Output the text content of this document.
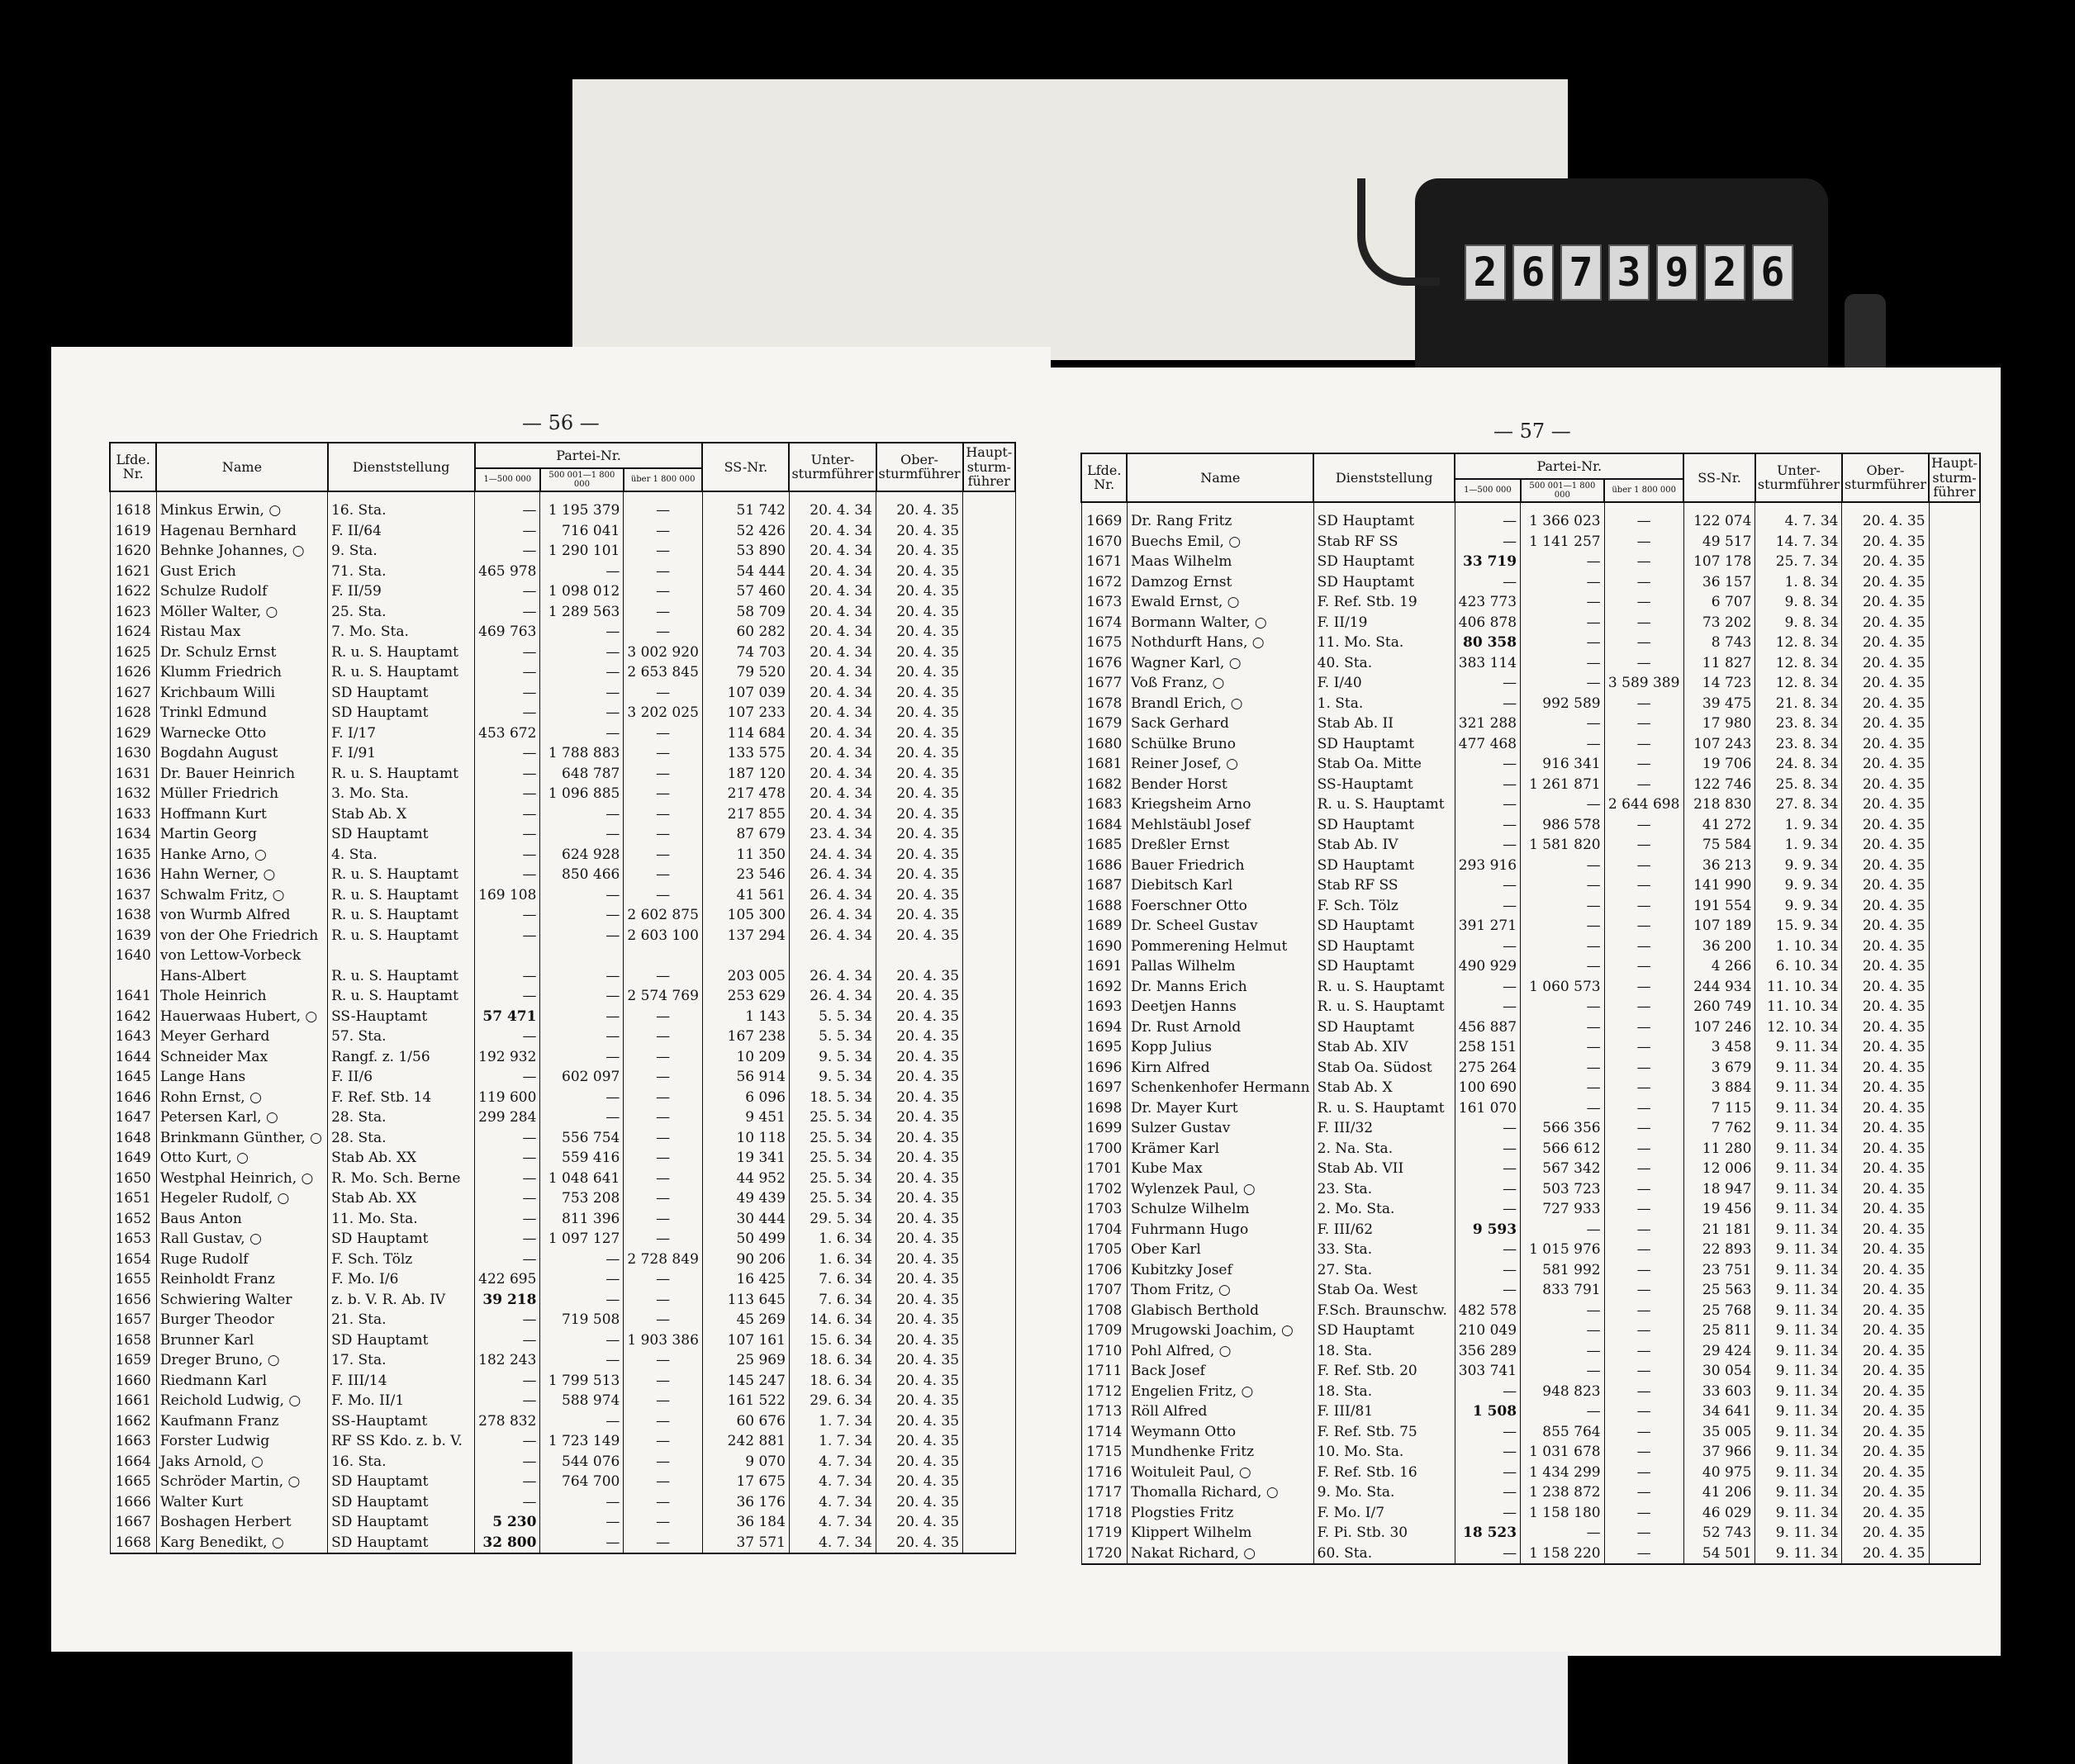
2 6 7 3 9 2 6
— 56 —	— 57 —
Lfde. Nr.	Name	Dienststellung	Partei-Nr.			SS-Nr.	Unter-sturmführer	Ober-sturmführer	Haupt-sturm-führer
			1—500 000	500 001—1 800 000	über 1 800 000				
1618	Minkus Erwin, ○	16. Sta.	—	1 195 379	—	51 742	20. 4. 34	20. 4. 35	
1619	Hagenau Bernhard	F. II/64	—	716 041	—	52 426	20. 4. 34	20. 4. 35	
1620	Behnke Johannes, ○	9. Sta.	—	1 290 101	—	53 890	20. 4. 34	20. 4. 35	
1621	Gust Erich	71. Sta.	465 978	—	—	54 444	20. 4. 34	20. 4. 35	
1622	Schulze Rudolf	F. II/59	—	1 098 012	—	57 460	20. 4. 34	20. 4. 35	
1623	Möller Walter, ○	25. Sta.	—	1 289 563	—	58 709	20. 4. 34	20. 4. 35	
1624	Ristau Max	7. Mo. Sta.	469 763	—	—	60 282	20. 4. 34	20. 4. 35	
1625	Dr. Schulz Ernst	R. u. S. Hauptamt	—	—	3 002 920	74 703	20. 4. 34	20. 4. 35	
1626	Klumm Friedrich	R. u. S. Hauptamt	—	—	2 653 845	79 520	20. 4. 34	20. 4. 35	
1627	Krichbaum Willi	SD Hauptamt	—	—	—	107 039	20. 4. 34	20. 4. 35	
1628	Trinkl Edmund	SD Hauptamt	—	—	3 202 025	107 233	20. 4. 34	20. 4. 35	
1629	Warnecke Otto	F. I/17	453 672	—	—	114 684	20. 4. 34	20. 4. 35	
1630	Bogdahn August	F. I/91	—	1 788 883	—	133 575	20. 4. 34	20. 4. 35	
1631	Dr. Bauer Heinrich	R. u. S. Hauptamt	—	648 787	—	187 120	20. 4. 34	20. 4. 35	
1632	Müller Friedrich	3. Mo. Sta.	—	1 096 885	—	217 478	20. 4. 34	20. 4. 35	
1633	Hoffmann Kurt	Stab Ab. X	—	—	—	217 855	20. 4. 34	20. 4. 35	
1634	Martin Georg	SD Hauptamt	—	—	—	87 679	23. 4. 34	20. 4. 35	
1635	Hanke Arno, ○	4. Sta.	—	624 928	—	11 350	24. 4. 34	20. 4. 35	
1636	Hahn Werner, ○	R. u. S. Hauptamt	—	850 466	—	23 546	26. 4. 34	20. 4. 35	
1637	Schwalm Fritz, ○	R. u. S. Hauptamt	169 108	—	—	41 561	26. 4. 34	20. 4. 35	
1638	von Wurmb Alfred	R. u. S. Hauptamt	—	—	2 602 875	105 300	26. 4. 34	20. 4. 35	
1639	von der Ohe Friedrich	R. u. S. Hauptamt	—	—	2 603 100	137 294	26. 4. 34	20. 4. 35	
1640	von Lettow-Vorbeck								
	Hans-Albert	R. u. S. Hauptamt	—	—	—	203 005	26. 4. 34	20. 4. 35	
1641	Thole Heinrich	R. u. S. Hauptamt	—	—	2 574 769	253 629	26. 4. 34	20. 4. 35	
1642	Hauerwaas Hubert, ○	SS-Hauptamt	57 471	—	—	1 143	5. 5. 34	20. 4. 35	
1643	Meyer Gerhard	57. Sta.	—	—	—	167 238	5. 5. 34	20. 4. 35	
1644	Schneider Max	Rangf. z. 1/56	192 932	—	—	10 209	9. 5. 34	20. 4. 35	
1645	Lange Hans	F. II/6	—	602 097	—	56 914	9. 5. 34	20. 4. 35	
1646	Rohn Ernst, ○	F. Ref. Stb. 14	119 600	—	—	6 096	18. 5. 34	20. 4. 35	
1647	Petersen Karl, ○	28. Sta.	299 284	—	—	9 451	25. 5. 34	20. 4. 35	
1648	Brinkmann Günther, ○	28. Sta.	—	556 754	—	10 118	25. 5. 34	20. 4. 35	
1649	Otto Kurt, ○	Stab Ab. XX	—	559 416	—	19 341	25. 5. 34	20. 4. 35	
1650	Westphal Heinrich, ○	R. Mo. Sch. Berne	—	1 048 641	—	44 952	25. 5. 34	20. 4. 35	
1651	Hegeler Rudolf, ○	Stab Ab. XX	—	753 208	—	49 439	25. 5. 34	20. 4. 35	
1652	Baus Anton	11. Mo. Sta.	—	811 396	—	30 444	29. 5. 34	20. 4. 35	
1653	Rall Gustav, ○	SD Hauptamt	—	1 097 127	—	50 499	1. 6. 34	20. 4. 35	
1654	Ruge Rudolf	F. Sch. Tölz	—	—	2 728 849	90 206	1. 6. 34	20. 4. 35	
1655	Reinholdt Franz	F. Mo. I/6	422 695	—	—	16 425	7. 6. 34	20. 4. 35	
1656	Schwiering Walter	z. b. V. R. Ab. IV	39 218	—	—	113 645	7. 6. 34	20. 4. 35	
1657	Burger Theodor	21. Sta.	—	719 508	—	45 269	14. 6. 34	20. 4. 35	
1658	Brunner Karl	SD Hauptamt	—	—	1 903 386	107 161	15. 6. 34	20. 4. 35	
1659	Dreger Bruno, ○	17. Sta.	182 243	—	—	25 969	18. 6. 34	20. 4. 35	
1660	Riedmann Karl	F. III/14	—	1 799 513	—	145 247	18. 6. 34	20. 4. 35	
1661	Reichold Ludwig, ○	F. Mo. II/1	—	588 974	—	161 522	29. 6. 34	20. 4. 35	
1662	Kaufmann Franz	SS-Hauptamt	278 832	—	—	60 676	1. 7. 34	20. 4. 35	
1663	Forster Ludwig	RF SS Kdo. z. b. V.	—	1 723 149	—	242 881	1. 7. 34	20. 4. 35	
1664	Jaks Arnold, ○	16. Sta.	—	544 076	—	9 070	4. 7. 34	20. 4. 35	
1665	Schröder Martin, ○	SD Hauptamt	—	764 700	—	17 675	4. 7. 34	20. 4. 35	
1666	Walter Kurt	SD Hauptamt	—	—	—	36 176	4. 7. 34	20. 4. 35	
1667	Boshagen Herbert	SD Hauptamt	5 230	—	—	36 184	4. 7. 34	20. 4. 35	
1668	Karg Benedikt, ○	SD Hauptamt	32 800	—	—	37 571	4. 7. 34	20. 4. 35	
Lfde. Nr.	Name	Dienststellung	Partei-Nr.			SS-Nr.	Unter-sturmführer	Ober-sturmführer	Haupt-sturm-führer
			1—500 000	500 001—1 800 000	über 1 800 000				
1669	Dr. Rang Fritz	SD Hauptamt	—	1 366 023	—	122 074	4. 7. 34	20. 4. 35	
1670	Buechs Emil, ○	Stab RF SS	—	1 141 257	—	49 517	14. 7. 34	20. 4. 35	
1671	Maas Wilhelm	SD Hauptamt	33 719	—	—	107 178	25. 7. 34	20. 4. 35	
1672	Damzog Ernst	SD Hauptamt	—	—	—	36 157	1. 8. 34	20. 4. 35	
1673	Ewald Ernst, ○	F. Ref. Stb. 19	423 773	—	—	6 707	9. 8. 34	20. 4. 35	
1674	Bormann Walter, ○	F. II/19	406 878	—	—	73 202	9. 8. 34	20. 4. 35	
1675	Nothdurft Hans, ○	11. Mo. Sta.	80 358	—	—	8 743	12. 8. 34	20. 4. 35	
1676	Wagner Karl, ○	40. Sta.	383 114	—	—	11 827	12. 8. 34	20. 4. 35	
1677	Voß Franz, ○	F. I/40	—	—	3 589 389	14 723	12. 8. 34	20. 4. 35	
1678	Brandl Erich, ○	1. Sta.	—	992 589	—	39 475	21. 8. 34	20. 4. 35	
1679	Sack Gerhard	Stab Ab. II	321 288	—	—	17 980	23. 8. 34	20. 4. 35	
1680	Schülke Bruno	SD Hauptamt	477 468	—	—	107 243	23. 8. 34	20. 4. 35	
1681	Reiner Josef, ○	Stab Oa. Mitte	—	916 341	—	19 706	24. 8. 34	20. 4. 35	
1682	Bender Horst	SS-Hauptamt	—	1 261 871	—	122 746	25. 8. 34	20. 4. 35	
1683	Kriegsheim Arno	R. u. S. Hauptamt	—	—	2 644 698	218 830	27. 8. 34	20. 4. 35	
1684	Mehlstäubl Josef	SD Hauptamt	—	986 578	—	41 272	1. 9. 34	20. 4. 35	
1685	Dreßler Ernst	Stab Ab. IV	—	1 581 820	—	75 584	1. 9. 34	20. 4. 35	
1686	Bauer Friedrich	SD Hauptamt	293 916	—	—	36 213	9. 9. 34	20. 4. 35	
1687	Diebitsch Karl	Stab RF SS	—	—	—	141 990	9. 9. 34	20. 4. 35	
1688	Foerschner Otto	F. Sch. Tölz	—	—	—	191 554	9. 9. 34	20. 4. 35	
1689	Dr. Scheel Gustav	SD Hauptamt	391 271	—	—	107 189	15. 9. 34	20. 4. 35	
1690	Pommerening Helmut	SD Hauptamt	—	—	—	36 200	1. 10. 34	20. 4. 35	
1691	Pallas Wilhelm	SD Hauptamt	490 929	—	—	4 266	6. 10. 34	20. 4. 35	
1692	Dr. Manns Erich	R. u. S. Hauptamt	—	1 060 573	—	244 934	11. 10. 34	20. 4. 35	
1693	Deetjen Hanns	R. u. S. Hauptamt	—	—	—	260 749	11. 10. 34	20. 4. 35	
1694	Dr. Rust Arnold	SD Hauptamt	456 887	—	—	107 246	12. 10. 34	20. 4. 35	
1695	Kopp Julius	Stab Ab. XIV	258 151	—	—	3 458	9. 11. 34	20. 4. 35	
1696	Kirn Alfred	Stab Oa. Südost	275 264	—	—	3 679	9. 11. 34	20. 4. 35	
1697	Schenkenhofer Hermann	Stab Ab. X	100 690	—	—	3 884	9. 11. 34	20. 4. 35	
1698	Dr. Mayer Kurt	R. u. S. Hauptamt	161 070	—	—	7 115	9. 11. 34	20. 4. 35	
1699	Sulzer Gustav	F. III/32	—	566 356	—	7 762	9. 11. 34	20. 4. 35	
1700	Krämer Karl	2. Na. Sta.	—	566 612	—	11 280	9. 11. 34	20. 4. 35	
1701	Kube Max	Stab Ab. VII	—	567 342	—	12 006	9. 11. 34	20. 4. 35	
1702	Wylenzek Paul, ○	23. Sta.	—	503 723	—	18 947	9. 11. 34	20. 4. 35	
1703	Schulze Wilhelm	2. Mo. Sta.	—	727 933	—	19 456	9. 11. 34	20. 4. 35	
1704	Fuhrmann Hugo	F. III/62	9 593	—	—	21 181	9. 11. 34	20. 4. 35	
1705	Ober Karl	33. Sta.	—	1 015 976	—	22 893	9. 11. 34	20. 4. 35	
1706	Kubitzky Josef	27. Sta.	—	581 992	—	23 751	9. 11. 34	20. 4. 35	
1707	Thom Fritz, ○	Stab Oa. West	—	833 791	—	25 563	9. 11. 34	20. 4. 35	
1708	Glabisch Berthold	F.Sch. Braunschw.	482 578	—	—	25 768	9. 11. 34	20. 4. 35	
1709	Mrugowski Joachim, ○	SD Hauptamt	210 049	—	—	25 811	9. 11. 34	20. 4. 35	
1710	Pohl Alfred, ○	18. Sta.	356 289	—	—	29 424	9. 11. 34	20. 4. 35	
1711	Back Josef	F. Ref. Stb. 20	303 741	—	—	30 054	9. 11. 34	20. 4. 35	
1712	Engelien Fritz, ○	18. Sta.	—	948 823	—	33 603	9. 11. 34	20. 4. 35	
1713	Röll Alfred	F. III/81	1 508	—	—	34 641	9. 11. 34	20. 4. 35	
1714	Weymann Otto	F. Ref. Stb. 75	—	855 764	—	35 005	9. 11. 34	20. 4. 35	
1715	Mundhenke Fritz	10. Mo. Sta.	—	1 031 678	—	37 966	9. 11. 34	20. 4. 35	
1716	Woituleit Paul, ○	F. Ref. Stb. 16	—	1 434 299	—	40 975	9. 11. 34	20. 4. 35	
1717	Thomalla Richard, ○	9. Mo. Sta.	—	1 238 872	—	41 206	9. 11. 34	20. 4. 35	
1718	Plogstiеs Fritz	F. Mo. I/7	—	1 158 180	—	46 029	9. 11. 34	20. 4. 35	
1719	Klippert Wilhelm	F. Pi. Stb. 30	18 523	—	—	52 743	9. 11. 34	20. 4. 35	
1720	Nakat Richard, ○	60. Sta.	—	1 158 220	—	54 501	9. 11. 34	20. 4. 35	
